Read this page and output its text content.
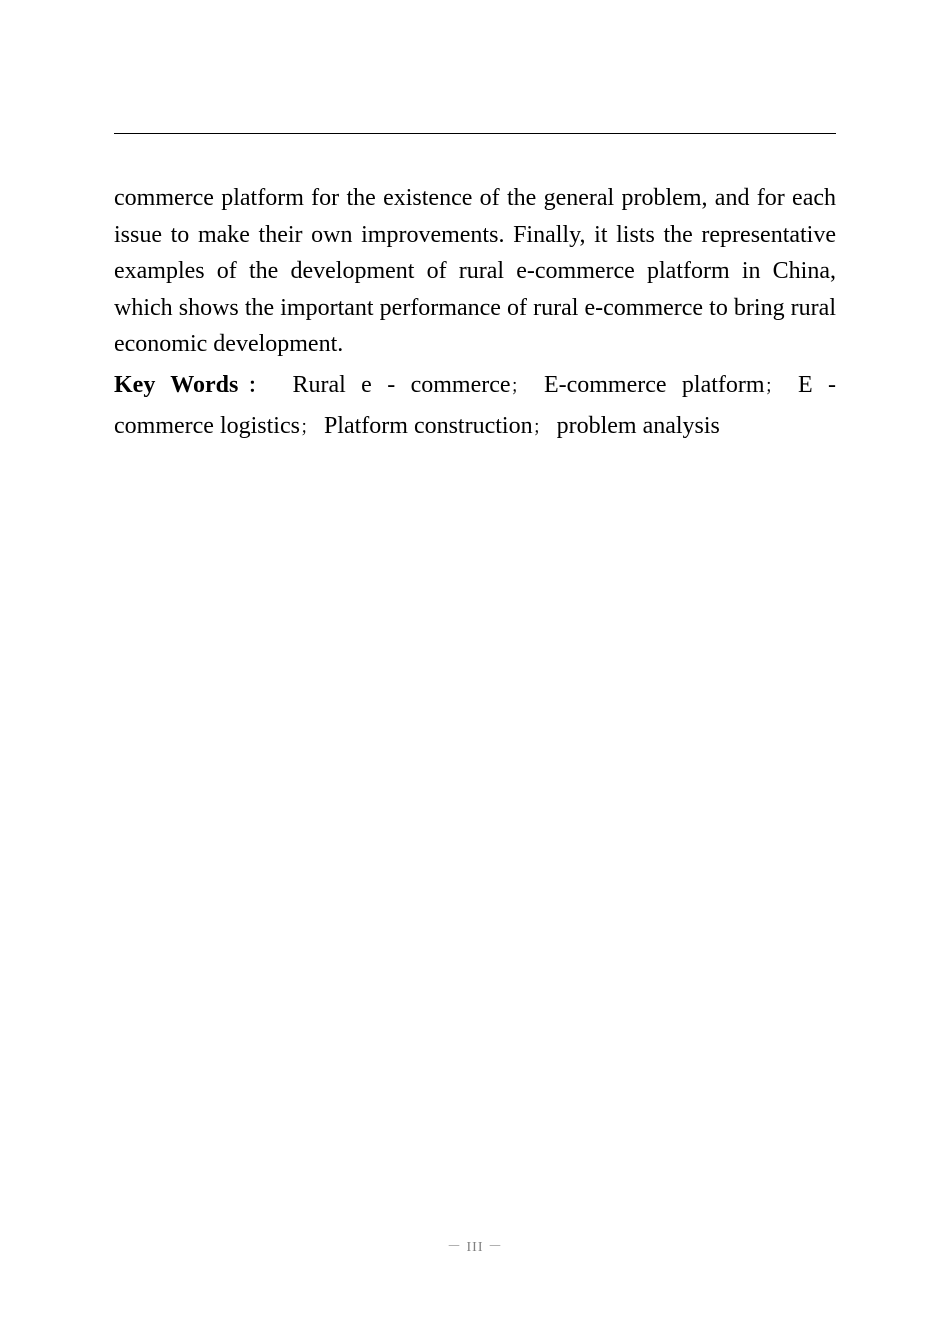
commerce platform for the existence of the general problem, and for each issue to make their own improvements. Finally, it lists the representative examples of the development of rural e-commerce platform in China, which shows the important performance of rural e-commerce to bring rural economic development.

Key Words： Rural e - commerce； E-commerce platform； E - commerce logistics； Platform construction； problem analysis

－ III －
